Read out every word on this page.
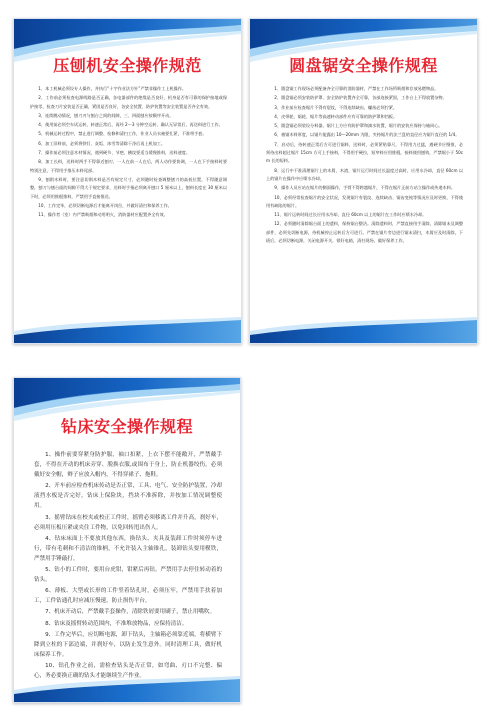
压刨机安全操作规范

1、本工机械必须设专人操作，并执行“十字作业法方针”严禁非操作工上机操作。

2、工作前必须检查电源线路是否正确，各电器部件的绝缘是否良好，机身是否有可靠的保护接地或保护接零，检查刀片安装是否正确，紧固是否良好，各安全装置、防护装置等安全装置是否齐全有效。

3、连续跳动情况，刨刀刃与刨台之间的间隙，三、四面刨应按顺序开动。

4、使用前必须空车试运转，转速正常后，再经 2～3 分钟空运转，确认无异常后，再送料进行工作。

5、机械运转过程中，禁止进行调整、检修和清扫工作，作业人员衣袖要扎紧，不准带手套。

6、加工旧料前，必须将铁钉、灰垢、冰雪等清除干净后再上机加工。

7、操作前必须注意木材情况，遇到硬节、节疤、横纹要适当缓慢推料，送料速度。

8、加工长料，送料时两手不得靠近刨刃，一人在前一人在后，两人动作要协调，一人在下手接料时要特别注意，不得用手推压木料尾部。

9、刨削木料时，要注意切削木料是否有规定尺寸，必须随时检查调整刨刀的高低位置，不得随意调整，刨刀与刨台面的间隙不得大于规定要求，送料时手指必须离开刨口 5 厘米以上，刨料长度在 30 厘米以下时，必须用推棍推料，严禁用手直接推送。

10、工作完毕，必须切断电源后才能离开岗位，并做好清扫和保养工作。

11、操作者（室）内严禁吸烟和动用明火，消防器材应配置齐全有效。

圆盘锯安全操作规程

1、圆盘锯工作现场必须配备齐全可靠的消防器材，严禁在工作场所吸烟和存放易燃物品。

2、圆盘锯必须安装防护罩、安全防护装置齐全可靠，各部连接紧固，工作台上不得放置杂物。

3、作业前应检查锯片不得有裂纹，不得连续缺齿，螺丝必须拧紧。

4、皮带轮、锯轮、锯片等高速转动部件应有可靠的防护罩和挡板。

5、圆盘锯必须装设分料器，锯片上方应有防护罩和滴水装置，锯片的安装应保持与轴同心。

6、被锯木料厚度，以锯片能露出 10—20mm 为限，夹持锯片的法兰盘的直径应为锯片直径的 1/4。

7、启动后，待转速正常后方可进行锯料，送料时，必须紧贴靠尺，不得用力过猛，遇硬节应慢推，必须待出料超过锯片 15cm 方可上手接料，不得用手硬拉，短窄料应用推棍，接料使用刨钩，严禁锯小于 50cm 长的短料。

8、运行中不准清理锯片上的木屑、木渣，锯片运行时间过长温度过高时，应用水冷却，直径 60cm 以上的锯片在操作中应喷水冷却。

9、操作人员应站在锯片的侧面操作，手臂不得跨越锯片，不得在锯片正前方站立操作或传递木料。

10、必须经常检查锯片的安全状况，发现锯片有裂纹、连续缺齿、锯齿变钝等情况应及时更换，不得使用有缺陷的锯片。

11、锯片运转时间过长应用水冷却，直径 60cm 以上的锯片在工作时应喷水冷却。

12、必须随时清除锯台面上的遗料，保持锯台整洁。清除遗料时，严禁直接用手清除，清除锯末及调整部件，必须先切断电源，待机械停止运转后方可进行。严禁在锯片旁边进行锯末清扫，木屑应及时清除，下班后，必须切断电源，关闭电源开关，锁好电箱，清扫现场，做好保养工作。

钻床安全操作规程

1、操作前要穿紧身防护服，袖口扣紧，上衣下摆不能敞开，严禁戴手套，不得在开动的机床旁穿、脱换衣服,或围布于身上，防止机器绞伤。必须戴好安全帽，辫子应放入帽内，不得穿裙子、拖鞋。

2、开车前应检查机床传动是否正常，工具、电气、安全防护装置，冷却液挡水板是否完好，钻床上保险块，挡块不准拆除，并按加工情况调整使用。

3、摇臂钻床在校夹或校正工件时，摇臂必须移离工件并升高，刹好车，必须用压板压紧或夹住工件物，以免回转甩出伤人。

4、钻床床面上不要放其他东西，换钻头、夹具及装卸工件时须停车进行，带有毛刺和不清洁的锥柄，不允许装入主轴锥孔，装卸钻头要用楔铁，严禁用手锤敲打。

5、钻小的工件时，要用台虎钳，钳紧后再钻。严禁用手去停住转动着的钻头。

6、薄板、大型或长形的工件竖着钻孔时，必须压牢，严禁用手扶着加工，工件钻通孔时应减压慢速，防止损伤平台。

7、机床开动后，严禁戴手套操作，清除铁屑要用刷子，禁止用嘴吹。

8、钻床及摇臂转动范围内，不准堆放物品，应保持清洁。

9、工作完毕后，应切断电源，卸下钻头，主轴箱必须靠近端，将横臂下降到立柱的下部边端，并刹好车，以防止发生意外。同时清理工具，做好机床保养工作。

10、钻孔作业之前，需检查钻头是否正常，如弯曲、刃口不完整、偏心，务必要换正确的钻头才能继续生产作业。
